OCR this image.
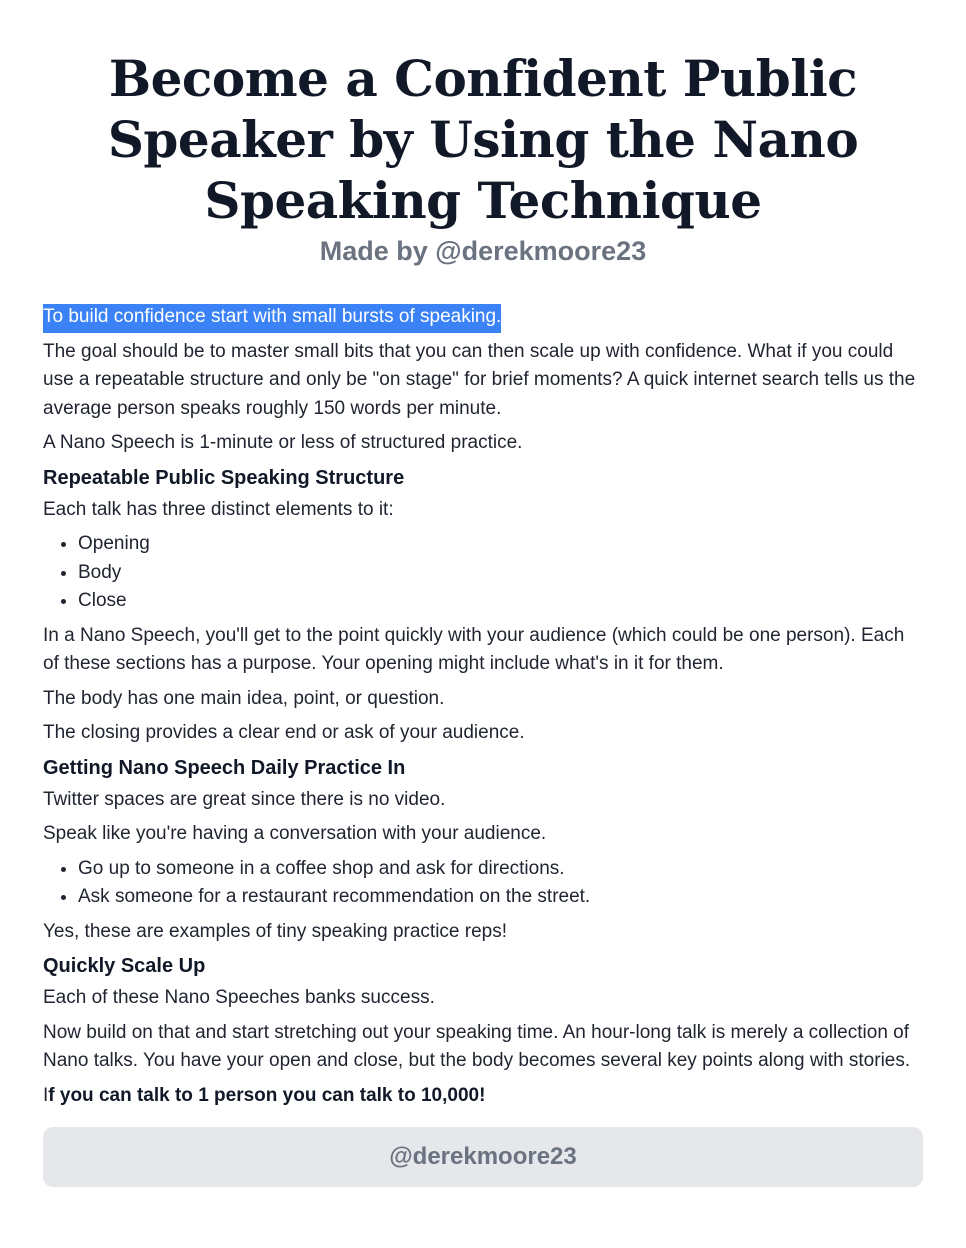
Become a Confident Public Speaker by Using the Nano Speaking Technique
Made by @derekmoore23

To build confidence start with small bursts of speaking.

The goal should be to master small bits that you can then scale up with confidence. What if you could use a repeatable structure and only be "on stage" for brief moments? A quick internet search tells us the average person speaks roughly 150 words per minute.

A Nano Speech is 1-minute or less of structured practice.

Repeatable Public Speaking Structure

Each talk has three distinct elements to it:

• Opening
• Body
• Close

In a Nano Speech, you'll get to the point quickly with your audience (which could be one person). Each of these sections has a purpose. Your opening might include what's in it for them.

The body has one main idea, point, or question.

The closing provides a clear end or ask of your audience.

Getting Nano Speech Daily Practice In

Twitter spaces are great since there is no video.

Speak like you're having a conversation with your audience.

• Go up to someone in a coffee shop and ask for directions.
• Ask someone for a restaurant recommendation on the street.

Yes, these are examples of tiny speaking practice reps!

Quickly Scale Up

Each of these Nano Speeches banks success.

Now build on that and start stretching out your speaking time. An hour-long talk is merely a collection of Nano talks. You have your open and close, but the body becomes several key points along with stories.

If you can talk to 1 person you can talk to 10,000!

@derekmoore23
